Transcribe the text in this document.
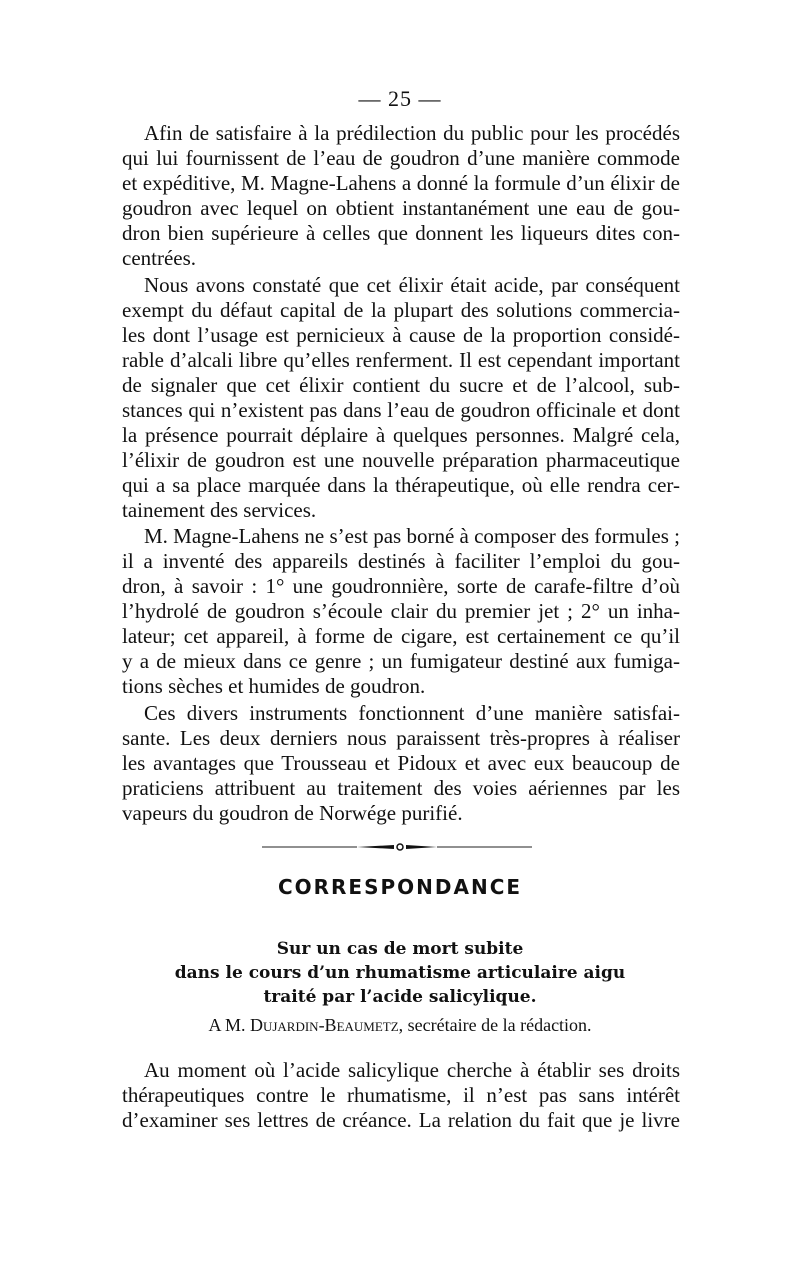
— 25 —
Afin de satisfaire à la prédilection du public pour les procédés
qui lui fournissent de l’eau de goudron d’une manière commode
et expéditive, M. Magne-Lahens a donné la formule d’un élixir de
goudron avec lequel on obtient instantanément une eau de gou-
dron bien supérieure à celles que donnent les liqueurs dites con-
centrées.
Nous avons constaté que cet élixir était acide, par conséquent
exempt du défaut capital de la plupart des solutions commercia-
les dont l’usage est pernicieux à cause de la proportion considé-
rable d’alcali libre qu’elles renferment. Il est cependant important
de signaler que cet élixir contient du sucre et de l’alcool, sub-
stances qui n’existent pas dans l’eau de goudron officinale et dont
la présence pourrait déplaire à quelques personnes. Malgré cela,
l’élixir de goudron est une nouvelle préparation pharmaceutique
qui a sa place marquée dans la thérapeutique, où elle rendra cer-
tainement des services.
M. Magne-Lahens ne s’est pas borné à composer des formules ;
il a inventé des appareils destinés à faciliter l’emploi du gou-
dron, à savoir : 1° une goudronnière, sorte de carafe-filtre d’où
l’hydrolé de goudron s’écoule clair du premier jet ; 2° un inha-
lateur; cet appareil, à forme de cigare, est certainement ce qu’il
y a de mieux dans ce genre ; un fumigateur destiné aux fumiga-
tions sèches et humides de goudron.
Ces divers instruments fonctionnent d’une manière satisfai-
sante. Les deux derniers nous paraissent très-propres à réaliser
les avantages que Trousseau et Pidoux et avec eux beaucoup de
praticiens attribuent au traitement des voies aériennes par les
vapeurs du goudron de Norwége purifié.
CORRESPONDANCE
Sur un cas de mort subite
dans le cours d’un rhumatisme articulaire aigu
traité par l’acide salicylique.
A M. Dujardin-Beaumetz, secrétaire de la rédaction.
Au moment où l’acide salicylique cherche à établir ses droits
thérapeutiques contre le rhumatisme, il n’est pas sans intérêt
d’examiner ses lettres de créance. La relation du fait que je livre
